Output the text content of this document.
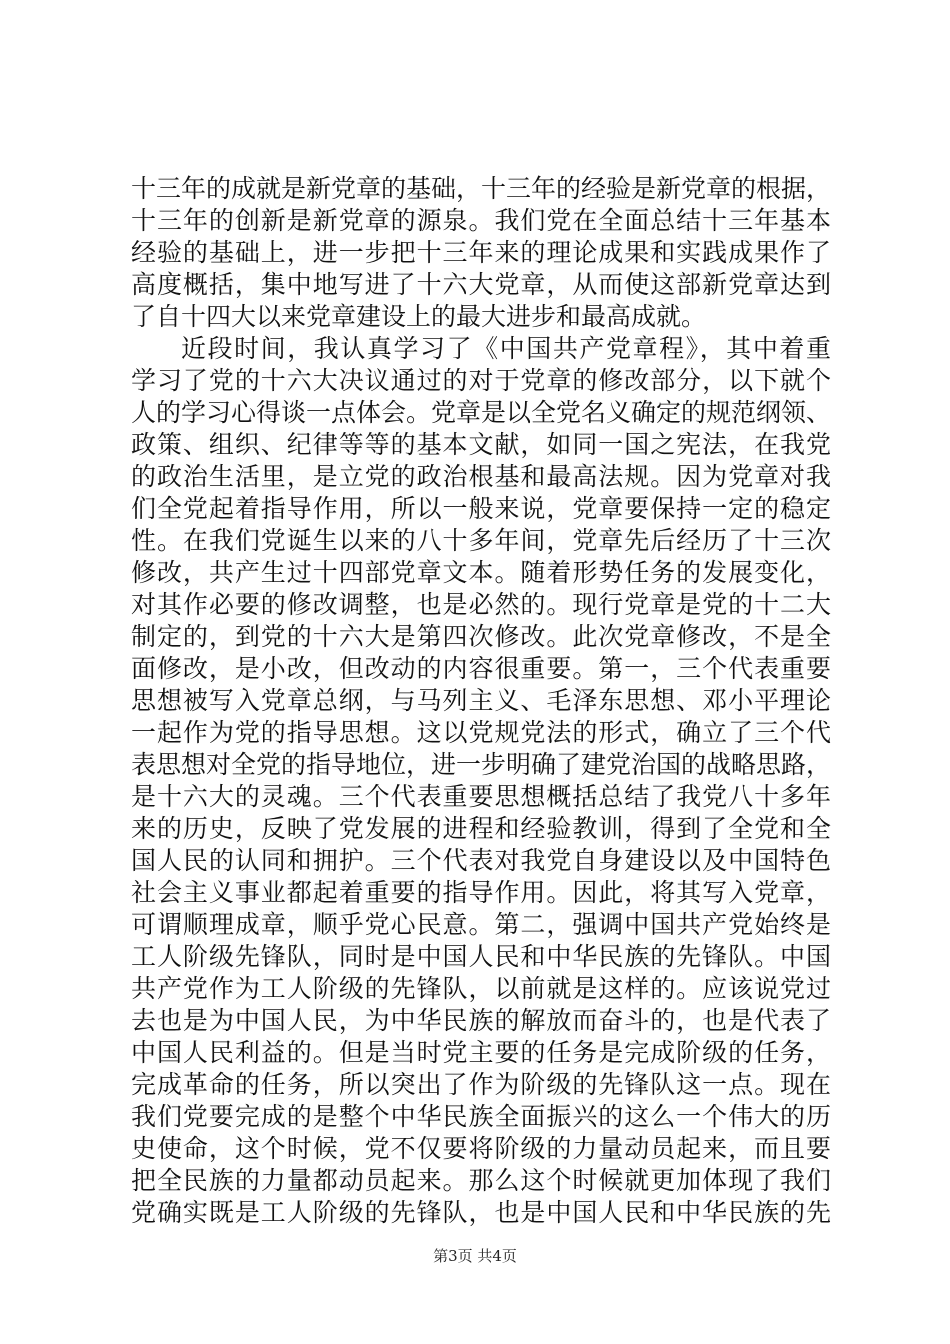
十三年的成就是新党章的基础，十三年的经验是新党章的根据，
十三年的创新是新党章的源泉。我们党在全面总结十三年基本
经验的基础上，进一步把十三年来的理论成果和实践成果作了
高度概括，集中地写进了十六大党章，从而使这部新党章达到
了自十四大以来党章建设上的最大进步和最高成就。
近段时间，我认真学习了《中国共产党章程》，其中着重
学习了党的十六大决议通过的对于党章的修改部分，以下就个
人的学习心得谈一点体会。党章是以全党名义确定的规范纲领、
政策、组织、纪律等等的基本文献，如同一国之宪法，在我党
的政治生活里，是立党的政治根基和最高法规。因为党章对我
们全党起着指导作用，所以一般来说，党章要保持一定的稳定
性。在我们党诞生以来的八十多年间，党章先后经历了十三次
修改，共产生过十四部党章文本。随着形势任务的发展变化，
对其作必要的修改调整，也是必然的。现行党章是党的十二大
制定的，到党的十六大是第四次修改。此次党章修改，不是全
面修改，是小改，但改动的内容很重要。第一，三个代表重要
思想被写入党章总纲，与马列主义、毛泽东思想、邓小平理论
一起作为党的指导思想。这以党规党法的形式，确立了三个代
表思想对全党的指导地位，进一步明确了建党治国的战略思路，
是十六大的灵魂。三个代表重要思想概括总结了我党八十多年
来的历史，反映了党发展的进程和经验教训，得到了全党和全
国人民的认同和拥护。三个代表对我党自身建设以及中国特色
社会主义事业都起着重要的指导作用。因此，将其写入党章，
可谓顺理成章，顺乎党心民意。第二，强调中国共产党始终是
工人阶级先锋队，同时是中国人民和中华民族的先锋队。中国
共产党作为工人阶级的先锋队，以前就是这样的。应该说党过
去也是为中国人民，为中华民族的解放而奋斗的，也是代表了
中国人民利益的。但是当时党主要的任务是完成阶级的任务，
完成革命的任务，所以突出了作为阶级的先锋队这一点。现在
我们党要完成的是整个中华民族全面振兴的这么一个伟大的历
史使命，这个时候，党不仅要将阶级的力量动员起来，而且要
把全民族的力量都动员起来。那么这个时候就更加体现了我们
党确实既是工人阶级的先锋队，也是中国人民和中华民族的先
第3页 共4页
